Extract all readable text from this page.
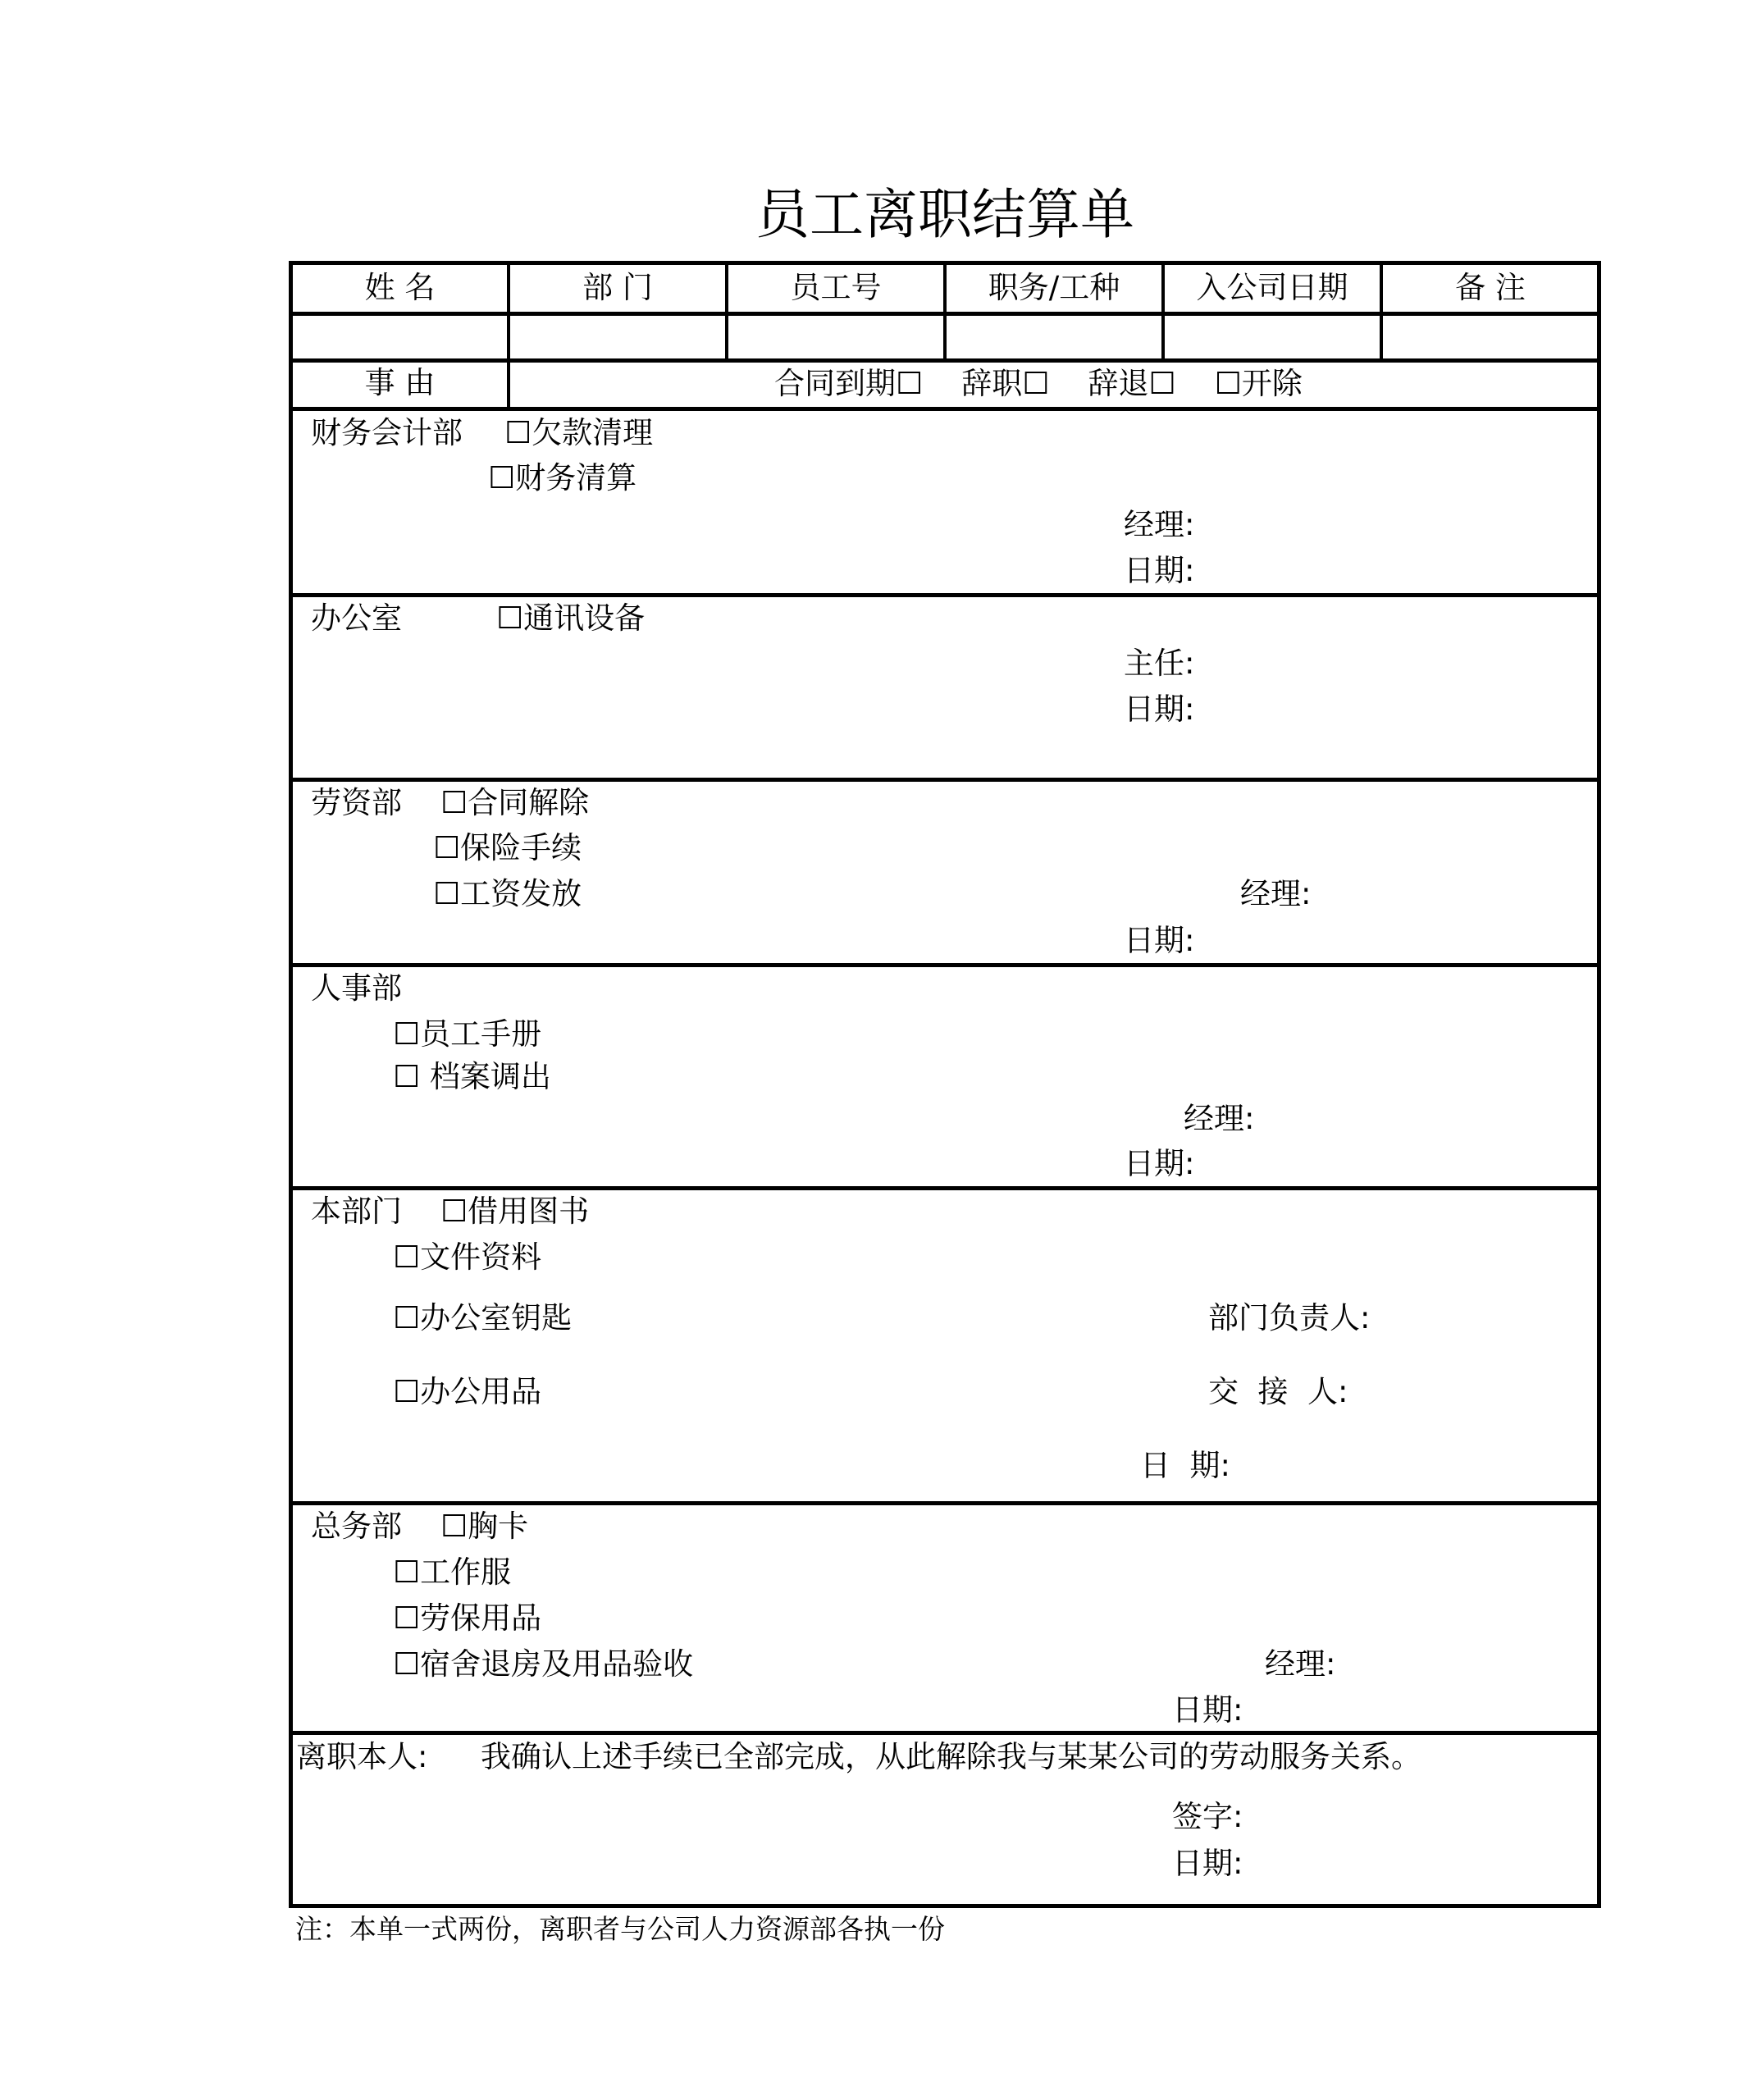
员工离职结算单
姓 名	部 门	员工号	职务/工种	入公司日期	备 注
事 由	合同到期☐    辞职☐    辞退☐    ☐开除
财务会计部 ☐欠款清理
☐财务清算
经理:
日期:
办公室	☐通讯设备
主任:
日期:
劳资部 ☐合同解除
☐保险手续
☐工资发放	经理:
日期:
人事部
☐员工手册
☐ 档案调出
经理:
日期:
本部门 ☐借用图书
☐文件资料
☐办公室钥匙	部门负责人:
☐办公用品	交  接  人:
日  期:
总务部 ☐胸卡
☐工作服
☐劳保用品
☐宿舍退房及用品验收	经理:
日期:
离职本人: 我确认上述手续已全部完成，从此解除我与某某公司的劳动服务关系。
签字:
日期:
注：本单一式两份，离职者与公司人力资源部各执一份
